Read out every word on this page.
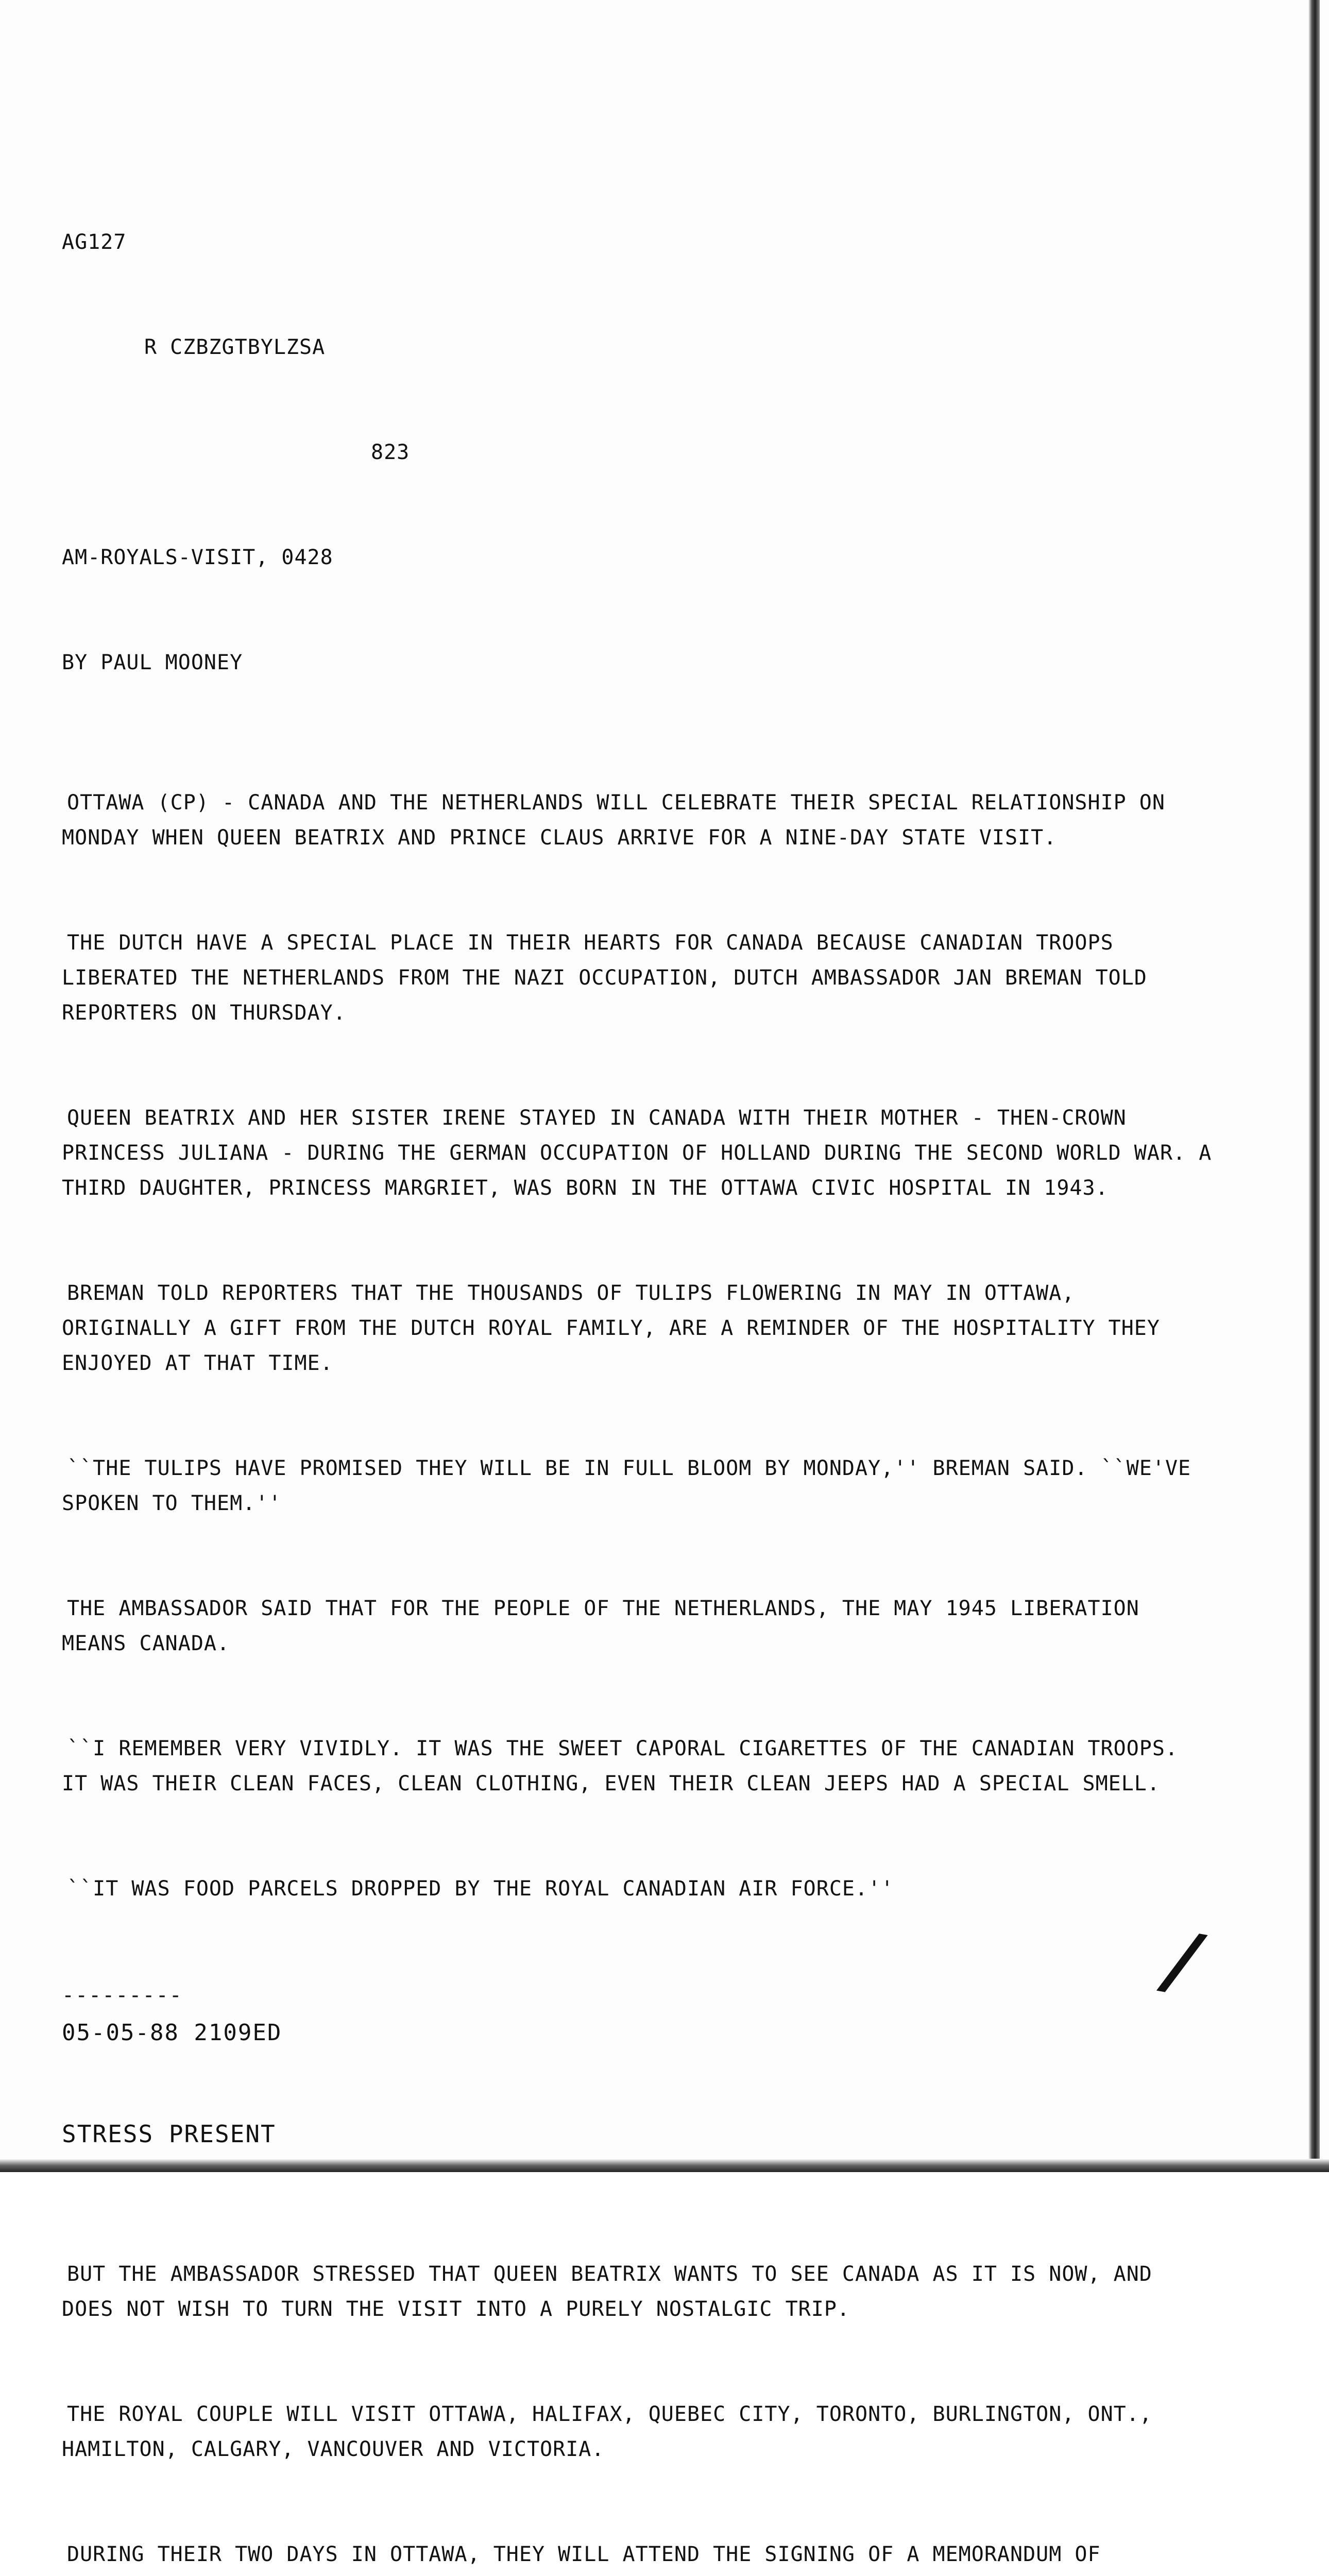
AG127

R CZBZGTBYLZSA

823

AM-ROYALS-VISIT, 0428

BY PAUL MOONEY

OTTAWA (CP) - CANADA AND THE NETHERLANDS WILL CELEBRATE THEIR SPECIAL RELATIONSHIP ON MONDAY WHEN QUEEN BEATRIX AND PRINCE CLAUS ARRIVE FOR A NINE-DAY STATE VISIT.

THE DUTCH HAVE A SPECIAL PLACE IN THEIR HEARTS FOR CANADA BECAUSE CANADIAN TROOPS LIBERATED THE NETHERLANDS FROM THE NAZI OCCUPATION, DUTCH AMBASSADOR JAN BREMAN TOLD REPORTERS ON THURSDAY.

QUEEN BEATRIX AND HER SISTER IRENE STAYED IN CANADA WITH THEIR MOTHER - THEN-CROWN PRINCESS JULIANA - DURING THE GERMAN OCCUPATION OF HOLLAND DURING THE SECOND WORLD WAR. A THIRD DAUGHTER, PRINCESS MARGRIET, WAS BORN IN THE OTTAWA CIVIC HOSPITAL IN 1943.

BREMAN TOLD REPORTERS THAT THE THOUSANDS OF TULIPS FLOWERING IN MAY IN OTTAWA, ORIGINALLY A GIFT FROM THE DUTCH ROYAL FAMILY, ARE A REMINDER OF THE HOSPITALITY THEY ENJOYED AT THAT TIME.

``THE TULIPS HAVE PROMISED THEY WILL BE IN FULL BLOOM BY MONDAY,'' BREMAN SAID. ``WE'VE SPOKEN TO THEM.''

THE AMBASSADOR SAID THAT FOR THE PEOPLE OF THE NETHERLANDS, THE MAY 1945 LIBERATION MEANS CANADA.

``I REMEMBER VERY VIVIDLY. IT WAS THE SWEET CAPORAL CIGARETTES OF THE CANADIAN TROOPS. IT WAS THEIR CLEAN FACES, CLEAN CLOTHING, EVEN THEIR CLEAN JEEPS HAD A SPECIAL SMELL.

``IT WAS FOOD PARCELS DROPPED BY THE ROYAL CANADIAN AIR FORCE.''

STRESS PRESENT

BUT THE AMBASSADOR STRESSED THAT QUEEN BEATRIX WANTS TO SEE CANADA AS IT IS NOW, AND DOES NOT WISH TO TURN THE VISIT INTO A PURELY NOSTALGIC TRIP.

THE ROYAL COUPLE WILL VISIT OTTAWA, HALIFAX, QUEBEC CITY, TORONTO, BURLINGTON, ONT., HAMILTON, CALGARY, VANCOUVER AND VICTORIA.

DURING THEIR TWO DAYS IN OTTAWA, THEY WILL ATTEND THE SIGNING OF A MEMORANDUM OF

/
---------
05-05-88 2109ED
